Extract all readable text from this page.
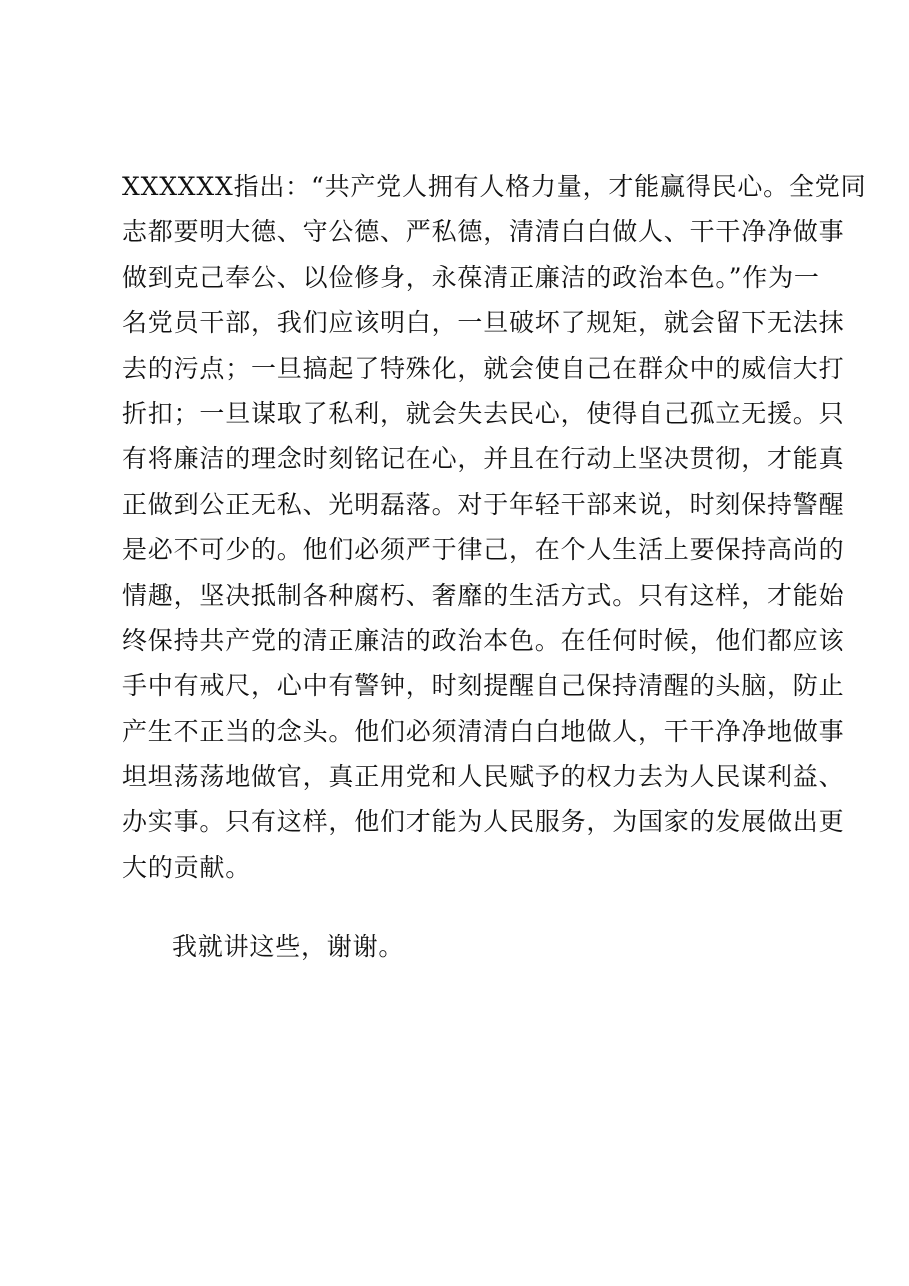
XXXXXX指出：“共产党人拥有人格力量，才能赢得民心。全党同
志都要明大德、守公德、严私德，清清白白做人、干干净净做事
做到克己奉公、以俭修身，永葆清正廉洁的政治本色。”作为一
名党员干部，我们应该明白，一旦破坏了规矩，就会留下无法抹
去的污点；一旦搞起了特殊化，就会使自己在群众中的威信大打
折扣；一旦谋取了私利，就会失去民心，使得自己孤立无援。只
有将廉洁的理念时刻铭记在心，并且在行动上坚决贯彻，才能真
正做到公正无私、光明磊落。对于年轻干部来说，时刻保持警醒
是必不可少的。他们必须严于律己，在个人生活上要保持高尚的
情趣，坚决抵制各种腐朽、奢靡的生活方式。只有这样，才能始
终保持共产党的清正廉洁的政治本色。在任何时候，他们都应该
手中有戒尺，心中有警钟，时刻提醒自己保持清醒的头脑，防止
产生不正当的念头。他们必须清清白白地做人，干干净净地做事
坦坦荡荡地做官，真正用党和人民赋予的权力去为人民谋利益、
办实事。只有这样，他们才能为人民服务，为国家的发展做出更
大的贡献。
我就讲这些，谢谢。
